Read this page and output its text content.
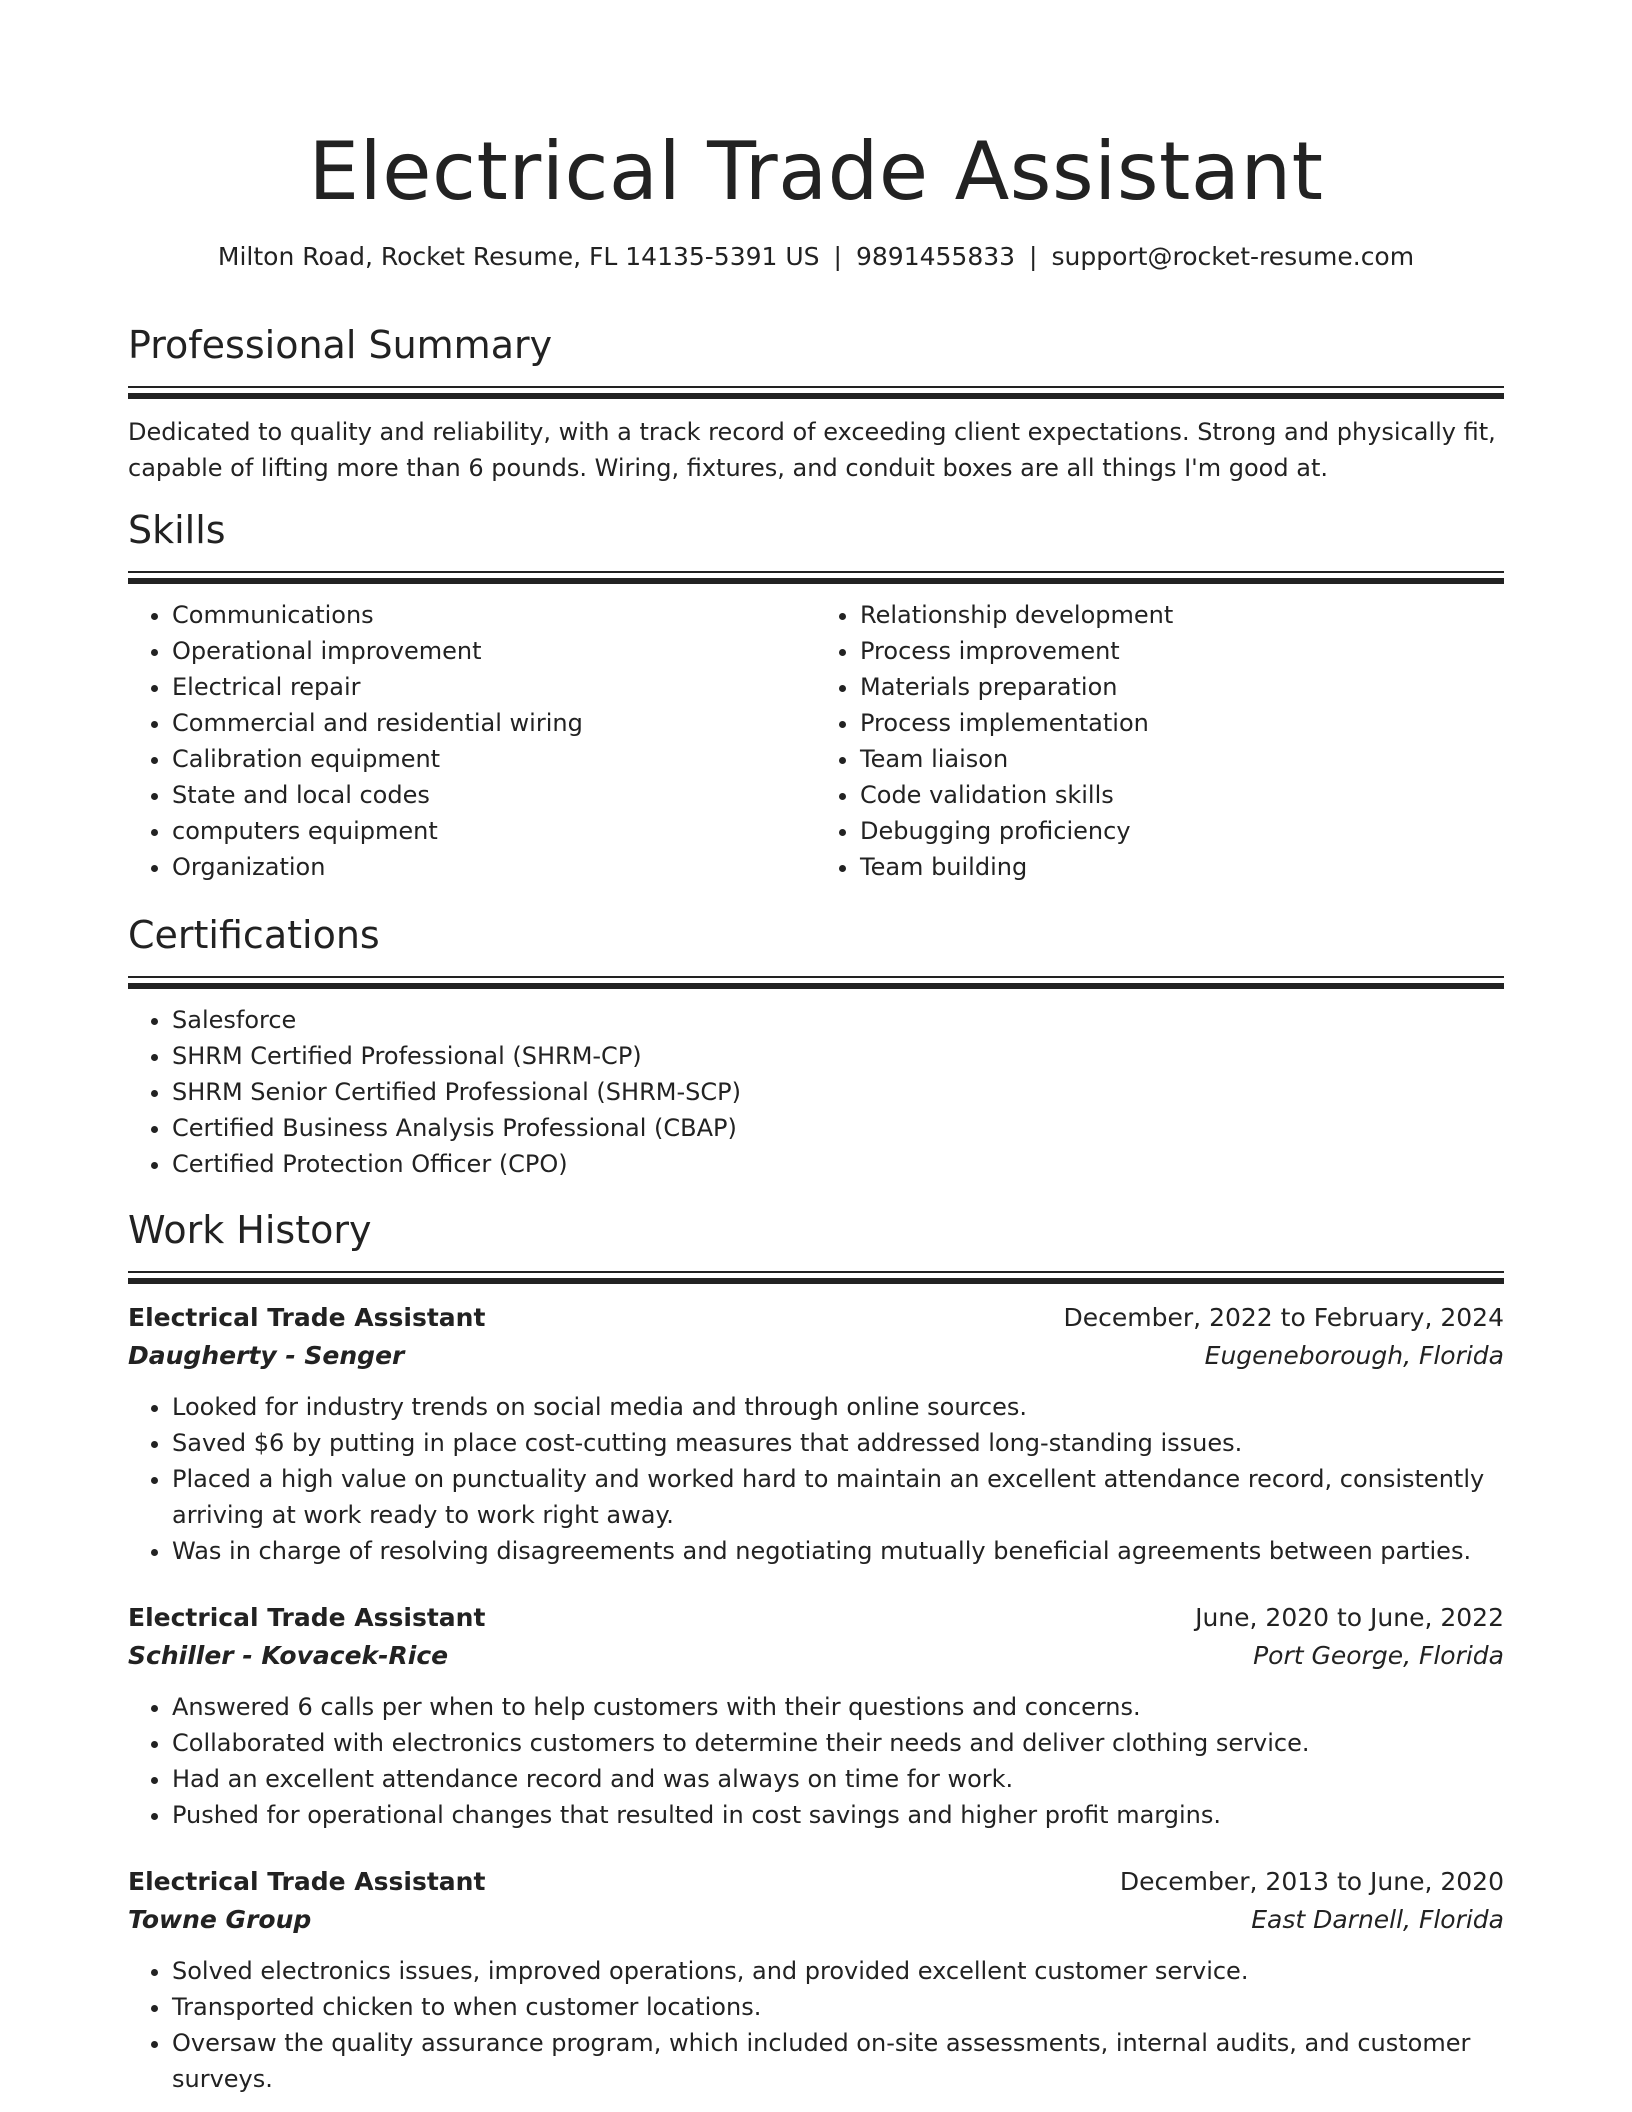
Electrical Trade Assistant
Milton Road, Rocket Resume, FL 14135-5391 US | 9891455833 | support@rocket-resume.com
Professional Summary

Dedicated to quality and reliability, with a track record of exceeding client expectations. Strong and physically fit, capable of lifting more than 6 pounds. Wiring, fixtures, and conduit boxes are all things I'm good at.

Skills
• Communications
• Operational improvement
• Electrical repair
• Commercial and residential wiring
• Calibration equipment
• State and local codes
• computers equipment
• Organization
• Relationship development
• Process improvement
• Materials preparation
• Process implementation
• Team liaison
• Code validation skills
• Debugging proficiency
• Team building
Certifications
• Salesforce
• SHRM Certified Professional (SHRM-CP)
• SHRM Senior Certified Professional (SHRM-SCP)
• Certified Business Analysis Professional (CBAP)
• Certified Protection Officer (CPO)
Work History
Electrical Trade Assistant	December, 2022 to February, 2024
Daugherty - Senger	Eugeneborough, Florida
• Looked for industry trends on social media and through online sources.
• Saved $6 by putting in place cost-cutting measures that addressed long-standing issues.
• Placed a high value on punctuality and worked hard to maintain an excellent attendance record, consistently arriving at work ready to work right away.
• Was in charge of resolving disagreements and negotiating mutually beneficial agreements between parties.
Electrical Trade Assistant	June, 2020 to June, 2022
Schiller - Kovacek-Rice	Port George, Florida
• Answered 6 calls per when to help customers with their questions and concerns.
• Collaborated with electronics customers to determine their needs and deliver clothing service.
• Had an excellent attendance record and was always on time for work.
• Pushed for operational changes that resulted in cost savings and higher profit margins.
Electrical Trade Assistant	December, 2013 to June, 2020
Towne Group	East Darnell, Florida
• Solved electronics issues, improved operations, and provided excellent customer service.
• Transported chicken to when customer locations.
• Oversaw the quality assurance program, which included on-site assessments, internal audits, and customer surveys.
